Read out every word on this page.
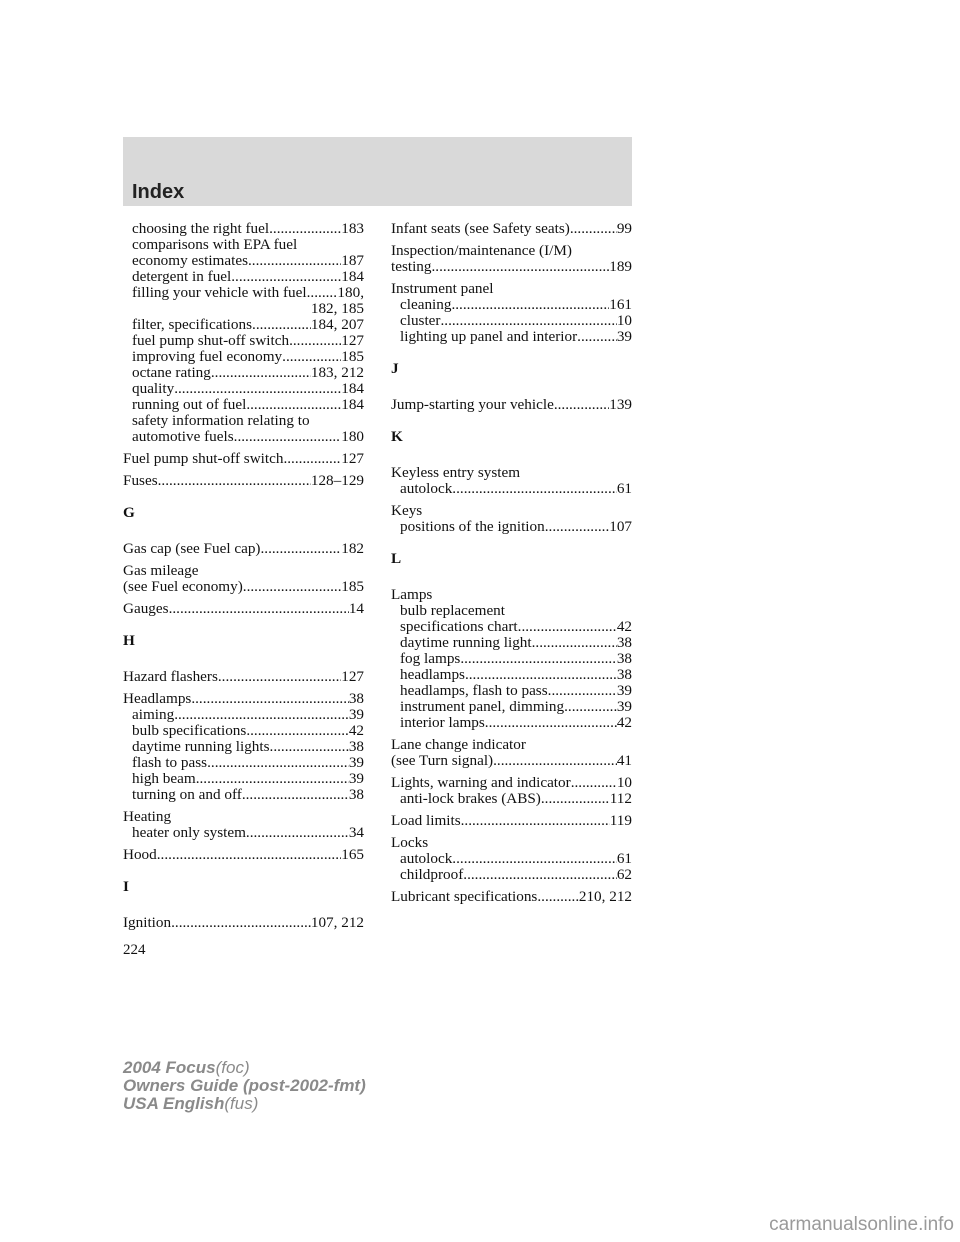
Index
choosing the right fuel .....	183
comparisons with EPA fuel
economy estimates .....	187
detergent in fuel .....	184
filling your vehicle with fuel ..... 180,
182, 185
filter, specifications .....	184, 207
fuel pump shut-off switch .....	127
improving fuel economy .....	185
octane rating .....	183, 212
quality .....	184
running out of fuel .....	184
safety information relating to
automotive fuels .....	180
Fuel pump shut-off switch .....	127
Fuses .....	128–129
G
Gas cap (see Fuel cap) .....	182
Gas mileage
(see Fuel economy) .....	185
Gauges .....	14
H
Hazard flashers .....	127
Headlamps .....	38
aiming .....	39
bulb specifications .....	42
daytime running lights .....	38
flash to pass .....	39
high beam .....	39
turning on and off .....	38
Heating
heater only system .....	34
Hood .....	165
I
Ignition .....	107, 212
Infant seats (see Safety seats) .....	99
Inspection/maintenance (I/M)
testing .....	189
Instrument panel
cleaning .....	161
cluster .....	10
lighting up panel and interior .....	39
J
Jump-starting your vehicle .....	139
K
Keyless entry system
autolock .....	61
Keys
positions of the ignition .....	107
L
Lamps
bulb replacement
specifications chart .....	42
daytime running light .....	38
fog lamps .....	38
headlamps .....	38
headlamps, flash to pass .....	39
instrument panel, dimming .....	39
interior lamps .....	42
Lane change indicator
(see Turn signal) .....	41
Lights, warning and indicator .....	10
anti-lock brakes (ABS) .....	112
Load limits .....	119
Locks
autolock .....	61
childproof .....	62
Lubricant specifications .....	210, 212
224
2004 Focus(foc)
Owners Guide (post-2002-fmt)
USA English(fus)
carmanualsonline.info
